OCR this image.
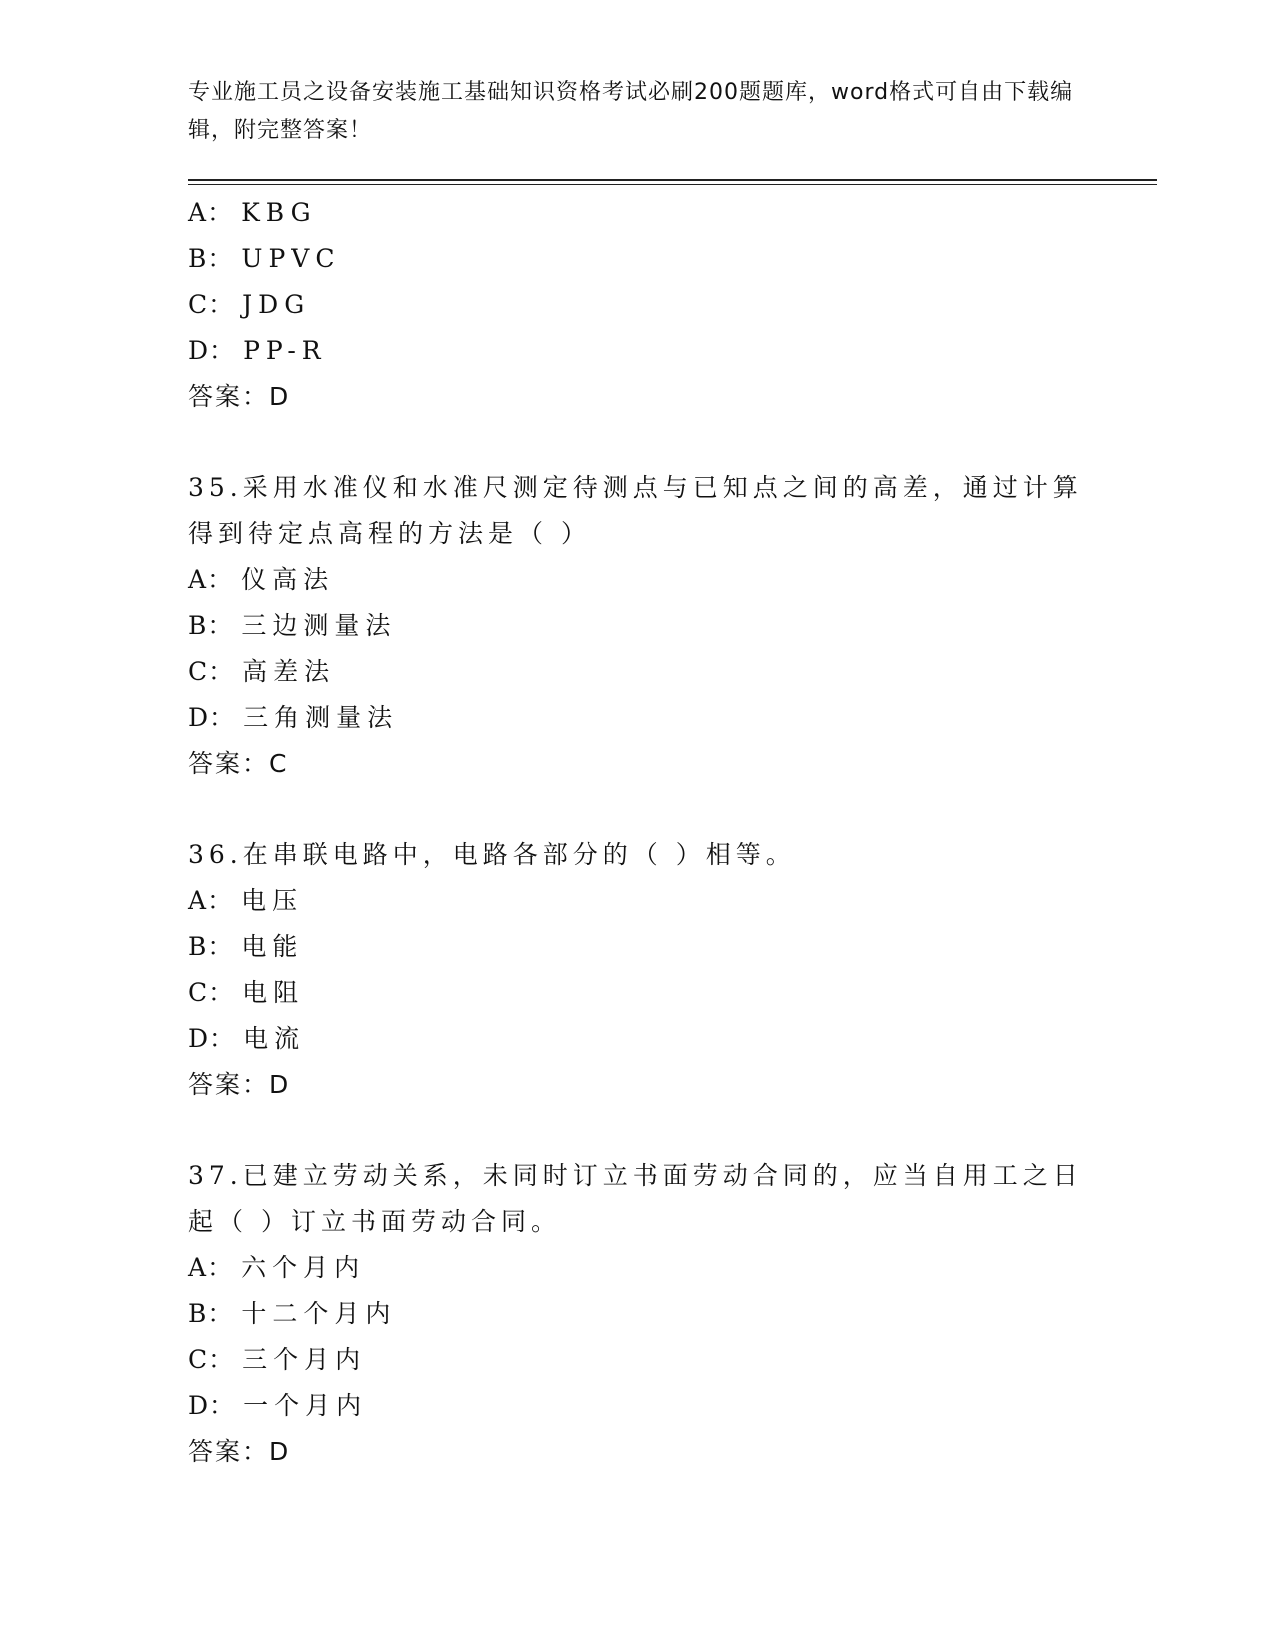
专业施工员之设备安装施工基础知识资格考试必刷200题题库，word格式可自由下载编辑，附完整答案！
A： KBG
B： UPVC
C： JDG
D： PP-R
答案：D
35.采用水准仪和水准尺测定待测点与已知点之间的高差，通过计算得到待定点高程的方法是（ ）
A： 仪高法
B： 三边测量法
C： 高差法
D： 三角测量法
答案：C
36.在串联电路中，电路各部分的（ ）相等。
A： 电压
B： 电能
C： 电阻
D： 电流
答案：D
37.已建立劳动关系，未同时订立书面劳动合同的，应当自用工之日起（ ）订立书面劳动合同。
A： 六个月内
B： 十二个月内
C： 三个月内
D： 一个月内
答案：D
